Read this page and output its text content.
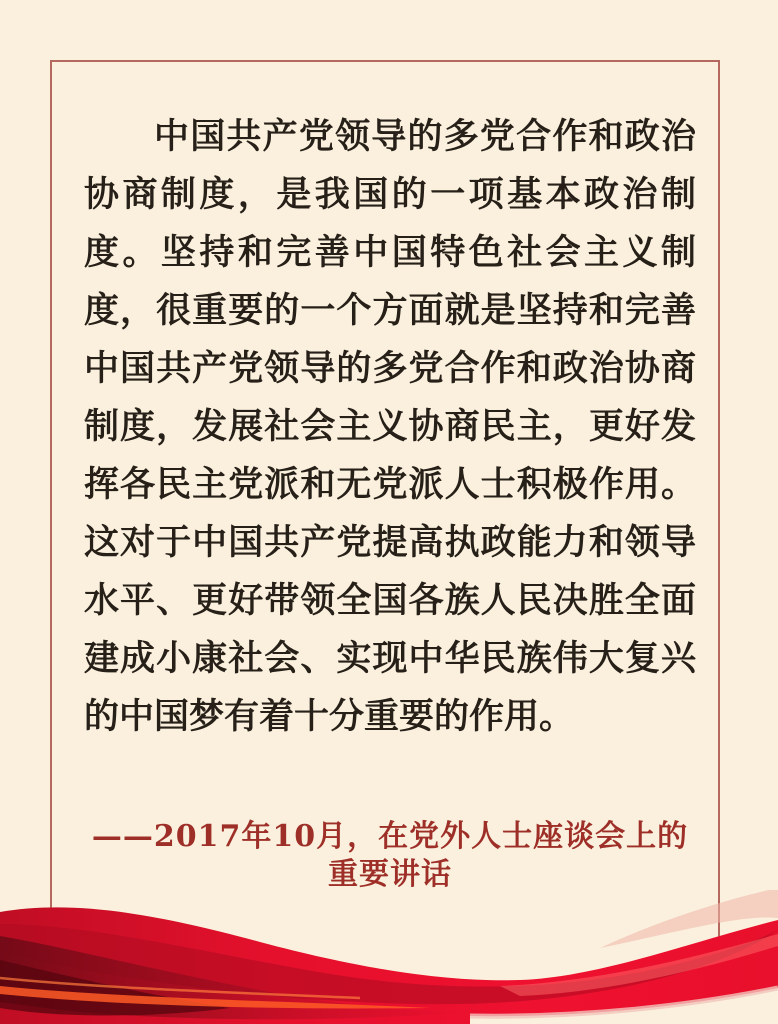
中国共产党领导的多党合作和政治
协商制度，是我国的一项基本政治制
度。坚持和完善中国特色社会主义制
度，很重要的一个方面就是坚持和完善
中国共产党领导的多党合作和政治协商
制度，发展社会主义协商民主，更好发
挥各民主党派和无党派人士积极作用。
这对于中国共产党提高执政能力和领导
水平、更好带领全国各族人民决胜全面
建成小康社会、实现中华民族伟大复兴
的中国梦有着十分重要的作用。
——2017年10月，在党外人士座谈会上的重要讲话
